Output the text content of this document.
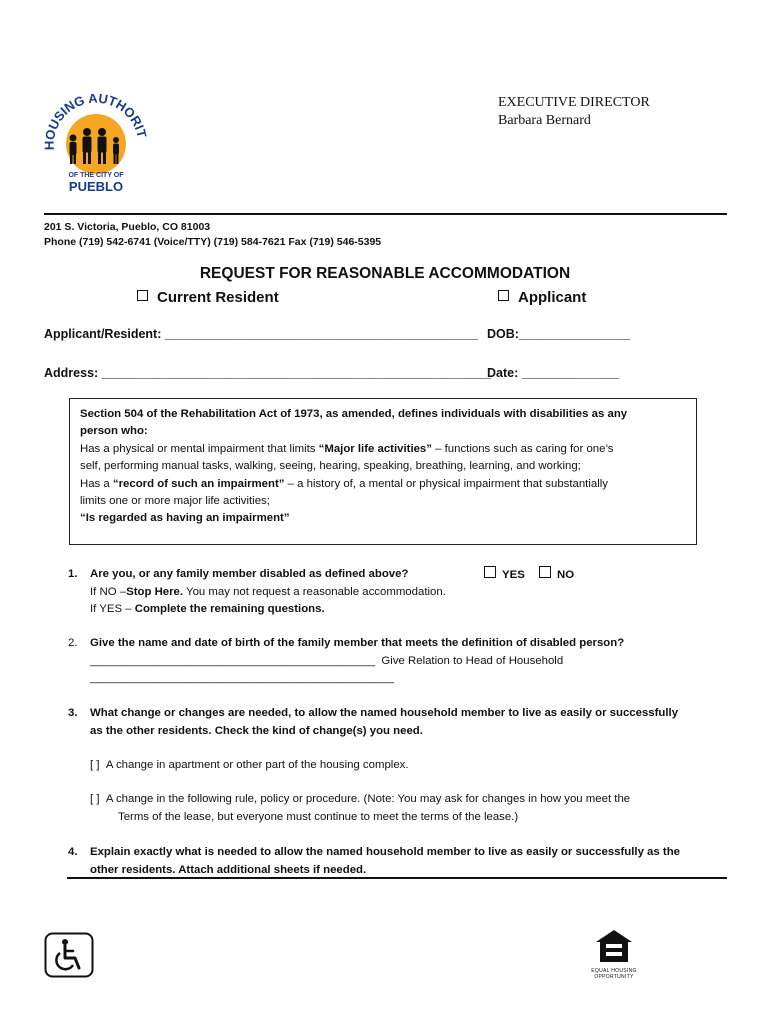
HOUSING AUTHORIT
OF THE CITY OF
PUEBLO
EXECUTIVE DIRECTOR
Barbara Bernard
201 S. Victoria, Pueblo, CO 81003
Phone (719) 542-6741 (Voice/TTY) (719) 584-7621 Fax (719) 546-5395
REQUEST FOR REASONABLE ACCOMMODATION
Current Resident	Applicant
Applicant/Resident: _____________________________________________ DOB:________________
Address: ________________________________________________________
Date: ______________
Section 504 of the Rehabilitation Act of 1973, as amended, defines individuals with disabilities as any
person who:
Has a physical or mental impairment that limits “Major life activities” – functions such as caring for one’s
self, performing manual tasks, walking, seeing, hearing, speaking, breathing, learning, and working;
Has a “record of such an impairment” – a history of, a mental or physical impairment that substantially
limits one or more major life activities;
“Is regarded as having an impairment”
1. Are you, or any family member disabled as defined above?	YES	NO
If NO –Stop Here. You may not request a reasonable accommodation.
If YES – Complete the remaining questions.
2. Give the name and date of birth of the family member that meets the definition of disabled person?
_____________________________________________ Give Relation to Head of Household
________________________________________________
3. What change or changes are needed, to allow the named household member to live as easily or successfully
as the other residents. Check the kind of change(s) you need.
[ ] A change in apartment or other part of the housing complex.
[ ] A change in the following rule, policy or procedure. (Note: You may ask for changes in how you meet the
Terms of the lease, but everyone must continue to meet the terms of the lease.)
4. Explain exactly what is needed to allow the named household member to live as easily or successfully as the
other residents. Attach additional sheets if needed.
EQUAL HOUSING
OPPORTUNITY
